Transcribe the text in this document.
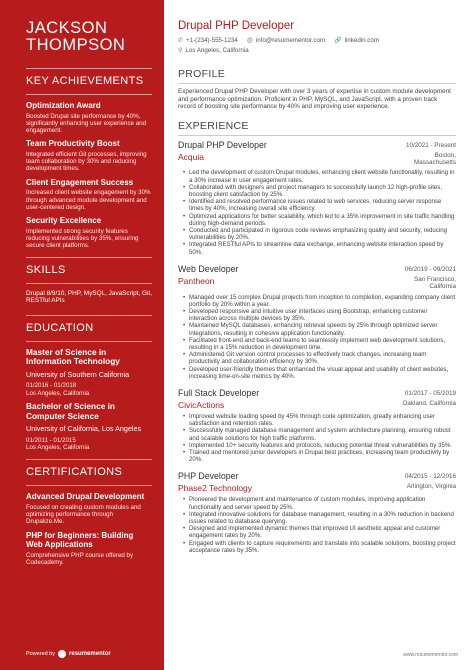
JACKSON
THOMPSON
KEY ACHIEVEMENTS
Optimization Award
Boosted Drupal site performance by 40%, significantly enhancing user experience and engagement.
Team Productivity Boost
Integrated efficient Git processes, improving team collaboration by 30% and reducing development times.
Client Engagement Success
Increased client website engagement by 30% through advanced module development and user-centered design.
Security Excellence
Implemented strong security features reducing vulnerabilities by 35%, ensuring secure client platforms.
SKILLS
Drupal 8/9/10, PHP, MySQL, JavaScript, Git, RESTful APIs
EDUCATION
Master of Science in Information Technology
University of Southern California
01/2016 - 01/2018
Los Angeles, California
Bachelor of Science in Computer Science
University of California, Los Angeles
01/2011 - 01/2015
Los Angeles, California
CERTIFICATIONS
Advanced Drupal Development
Focused on creating custom modules and optimizing performance through Drupalize.Me.
PHP for Beginners: Building Web Applications
Comprehensive PHP course offered by Codecademy.
Powered by resumementor
Drupal PHP Developer
✆ +1-(234)-555-1234 @ info@resumementor.com 🔗 linkedin.com
⚲ Los Angeles, California
PROFILE
Experienced Drupal PHP Developer with over 3 years of expertise in custom module development and performance optimization. Proficient in PHP, MySQL, and JavaScript, with a proven track record of boosting site performance by 40% and improving user experience.
EXPERIENCE
Drupal PHP Developer	10/2021 - Present
Acquia	Boston,
Massachusetts
• Led the development of custom Drupal modules, enhancing client website functionality, resulting in a 30% increase in user engagement rates.
• Collaborated with designers and project managers to successfully launch 12 high-profile sites, boosting client satisfaction by 25%.
• Identified and resolved performance issues related to web services, reducing server response times by 40%, increasing overall site efficiency.
• Optimized applications for better scalability, which led to a 35% improvement in site traffic handling during high-demand periods.
• Conducted and participated in rigorous code reviews emphasizing quality and security, reducing vulnerabilities by 20%.
• Integrated RESTful APIs to streamline data exchange, enhancing website interaction speed by 50%.
Web Developer	06/2019 - 09/2021
Pantheon	San Francisco,
California
• Managed over 15 complex Drupal projects from inception to completion, expanding company client portfolio by 20% within a year.
• Developed responsive and intuitive user interfaces using Bootstrap, enhancing customer interaction across multiple devices by 35%.
• Maintained MySQL databases, enhancing retrieval speeds by 25% through optimized server integrations, resulting in cohesive application functionality.
• Facilitated front-end and back-end teams to seamlessly implement web development solutions, resulting in a 15% reduction in development time.
• Administered Git version control processes to effectively track changes, increasing team productivity and collaboration efficiency by 30%.
• Developed user-friendly themes that enhanced the visual appeal and usability of client websites, increasing time-on-site metrics by 40%.
Full Stack Developer	01/2017 - 05/2019
CivicActions	Oakland, California
• Improved website loading speed by 45% through code optimization, greatly enhancing user satisfaction and retention rates.
• Successfully managed database management and system architecture planning, ensuring robust and scalable solutions for high traffic platforms.
• Implemented 10+ security features and protocols, reducing potential threat vulnerabilities by 35%.
• Trained and mentored junior developers in Drupal best practices, increasing team productivity by 20%.
PHP Developer	04/2015 - 12/2016
Phase2 Technology	Arlington, Virginia
• Pioneered the development and maintenance of custom modules, improving application functionality and server speed by 25%.
• Integrated innovative solutions for database management, resulting in a 30% reduction in backend issues related to database querying.
• Designed and implemented dynamic themes that improved UI aesthetic appeal and customer engagement rates by 20%.
• Engaged with clients to capture requirements and translate into scalable solutions, boosting project acceptance rates by 35%.
www.resumementor.com
